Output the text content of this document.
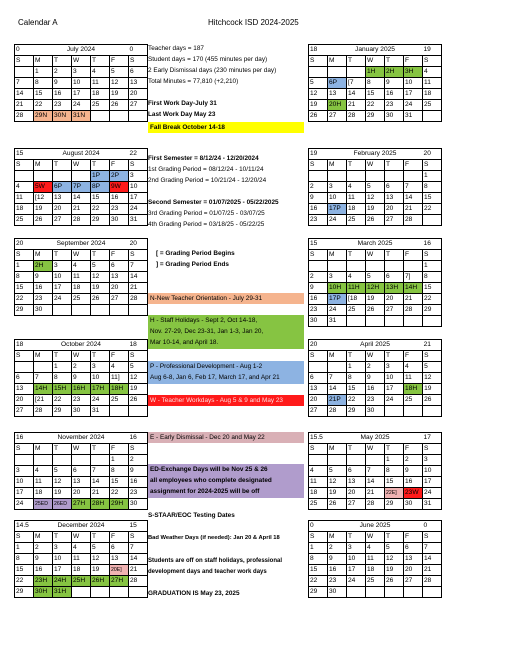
Calendar A	Hitchcock ISD 2024-2025
0	July 2024					0
S	M	T	W	T	F	S
	1	2	3	4	5	6
7	8	9	10	11	12	13
14	15	16	17	18	19	20
21	22	23	24	25	26	27
28	29N	30N	31N			
15	August 2024					22
S	M	T	W	T	F	S
				1P	2P	3
4	5W	6P	7P	8P	9W	10
11	[12	13	14	15	16	17
18	19	20	21	22	23	24
25	26	27	28	29	30	31
20	September 2024					20
S	M	T	W	T	F	S
1	2H	3	4	5	6	7
8	9	10	11	12	13	14
15	16	17	18	19	20	21
22	23	24	25	26	27	28
29	30					
18	October 2024					18
S	M	T	W	T	F	S
		1	2	3	4	5
6	7	8	9	10	11]	12
13	14H	15H	16H	17H	18H	19
20	[21	22	23	24	25	26
27	28	29	30	31		
16	November 2024					16
S	M	T	W	T	F	S
					1	2
3	4	5	6	7	8	9
10	11	12	13	14	15	16
17	18	19	20	21	22	23
24	25ED	26ED	27H	28H	29H	30
14.5	December 2024					15
S	M	T	W	T	F	S
1	2	3	4	5	6	7
8	9	10	11	12	13	14
15	16	17	18	19	20E]	21
22	23H	24H	25H	26H	27H	28
29	30H	31H				
18	January 2025					19
S	M	T	W	T	F	S
			1H	2H	3H	4
5	6P	[7	8	9	10	11
12	13	14	15	16	17	18
19	20H	21	22	23	24	25
26	27	28	29	30	31	
19	February 2025					20
S	M	T	W	T	F	S
						1
2	3	4	5	6	7	8
9	10	11	12	13	14	15
16	17P	18	19	20	21	22
23	24	25	26	27	28	
15	March 2025					16
S	M	T	W	T	F	S
						1
2	3	4	5	6	7]	8
9	10H	11H	12H	13H	14H	15
16	17P	[18	19	20	21	22
23	24	25	26	27	28	29
30	31					
20	April 2025					21
S	M	T	W	T	F	S
		1	2	3	4	5
6	7	8	9	10	11	12
13	14	15	16	17	18H	19
20	21P	22	23	24	25	26
27	28	29	30			
15.5	May 2025					17
S	M	T	W	T	F	S
				1	2	3
4	5	6	7	8	9	10
11	12	13	14	15	16	17
18	19	20	21	22E]	23W	24
25	26	27	28	29	30	31
0	June 2025					0
S	M	T	W	T	F	S
1	2	3	4	5	6	7
8	9	10	11	12	13	14
15	16	17	18	19	20	21
22	23	24	25	26	27	28
29	30					
Teacher days = 187
Student days = 170 (455 minutes per day)
2 Early Dismissal days (230 minutes per day)
Total Minutes = 77,810 (+2,210)
First Work Day-July 31
Last Work Day May 23
Fall Break October 14-18
First Semester = 8/12/24 - 12/20/2024
1st Grading Period = 08/12/24 - 10/11/24
2nd Grading Period = 10/21/24 - 12/20/24
Second Semester = 01/07/2025 - 05/22/2025
3rd Grading Period = 01/07/25 - 03/07/25
4th Grading Period = 03/18/25 - 05/22/25
[ = Grading Period Begins
] = Grading Period Ends
N-New Teacher Orientation - July 29-31
H - Staff Holidays - Sept 2, Oct 14-18,
Nov. 27-29, Dec 23-31, Jan 1-3, Jan 20,
Mar 10-14, and April 18.
P - Professional Development - Aug 1-2
Aug 6-8, Jan 6, Feb 17, March 17, and Apr 21
W - Teacher Workdays - Aug 5 & 9 and May 23
E - Early Dismissal - Dec 20 and May 22
ED-Exchange Days will be Nov 25 & 26
all employees who complete designated
assignment for 2024-2025 will be off
S-STAAR/EOC Testing Dates
Bad Weather Days (if needed): Jan 20 & April 18
Students are off on staff holidays, professional
development days and teacher work days
GRADUATION IS May 23, 2025
